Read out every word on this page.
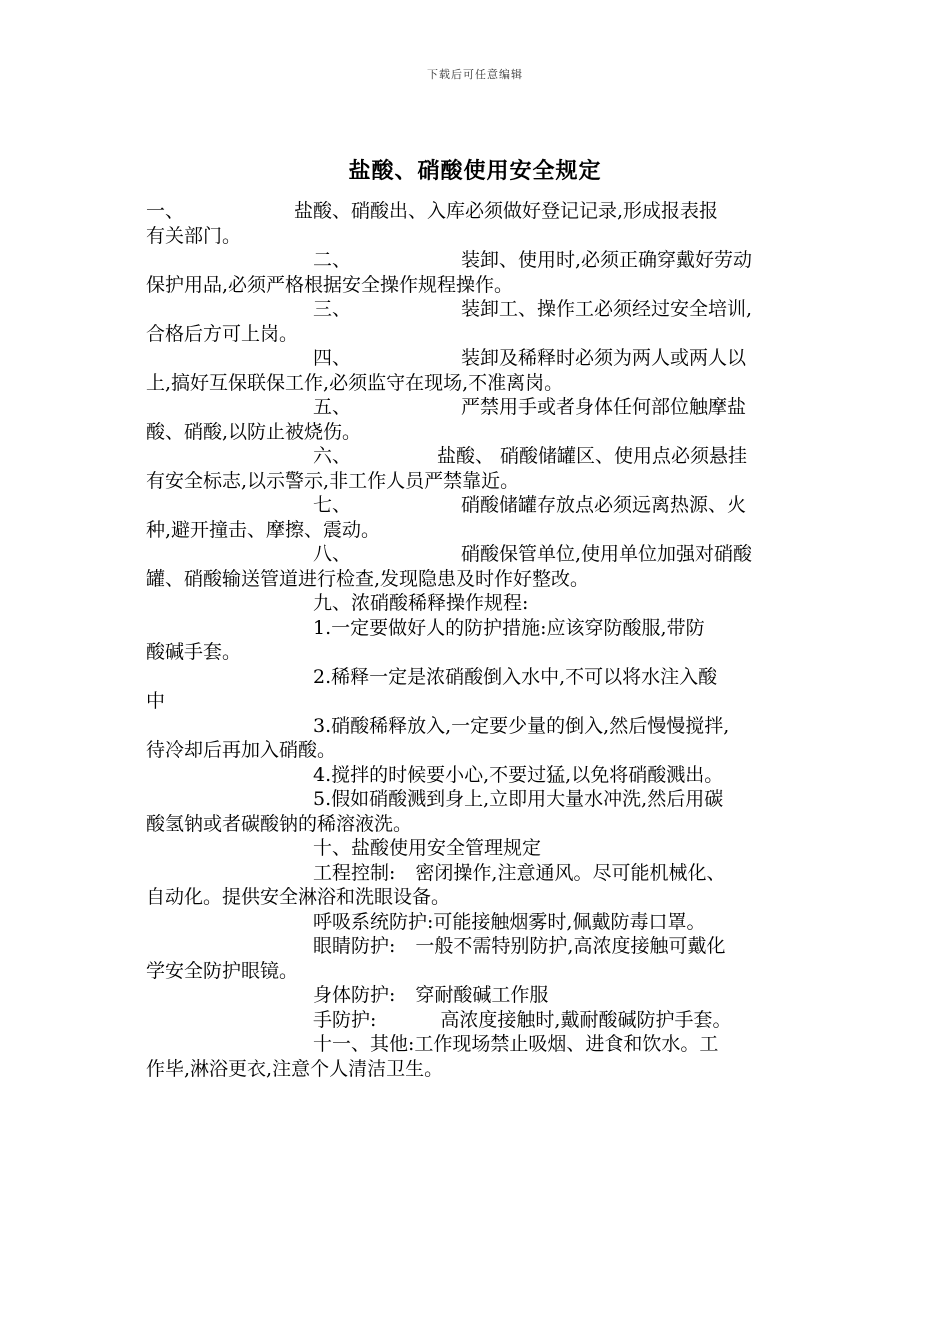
下载后可任意编辑
盐酸、硝酸使用安全规定
一、	盐酸、硝酸出、入库必须做好登记记录,形成报表报
有关部门。
二、	装卸、使用时,必须正确穿戴好劳动
保护用品,必须严格根据安全操作规程操作。
三、	装卸工、操作工必须经过安全培训,
合格后方可上岗。
四、	装卸及稀释时必须为两人或两人以
上,搞好互保联保工作,必须监守在现场,不准离岗。
五、	严禁用手或者身体任何部位触摩盐
酸、硝酸,以防止被烧伤。
六、	盐酸、 硝酸储罐区、使用点必须悬挂
有安全标志,以示警示,非工作人员严禁靠近。
七、	硝酸储罐存放点必须远离热源、火
种,避开撞击、摩擦、震动。
八、	硝酸保管单位,使用单位加强对硝酸
罐、硝酸输送管道进行检查,发现隐患及时作好整改。
九、浓硝酸稀释操作规程:
1.一定要做好人的防护措施:应该穿防酸服,带防
酸碱手套。
2.稀释一定是浓硝酸倒入水中,不可以将水注入酸
中
3.硝酸稀释放入,一定要少量的倒入,然后慢慢搅拌,
待冷却后再加入硝酸。
4.搅拌的时候要小心,不要过猛,以免将硝酸溅出。
5.假如硝酸溅到身上,立即用大量水冲洗,然后用碳
酸氢钠或者碳酸钠的稀溶液洗。
十、盐酸使用安全管理规定
工程控制: 密闭操作,注意通风。尽可能机械化、
自动化。提供安全淋浴和洗眼设备。
呼吸系统防护:可能接触烟雾时,佩戴防毒口罩。
眼睛防护: 一般不需特别防护,高浓度接触可戴化
学安全防护眼镜。
身体防护: 穿耐酸碱工作服
手防护:	高浓度接触时,戴耐酸碱防护手套。
十一、其他:工作现场禁止吸烟、进食和饮水。工
作毕,淋浴更衣,注意个人清洁卫生。
